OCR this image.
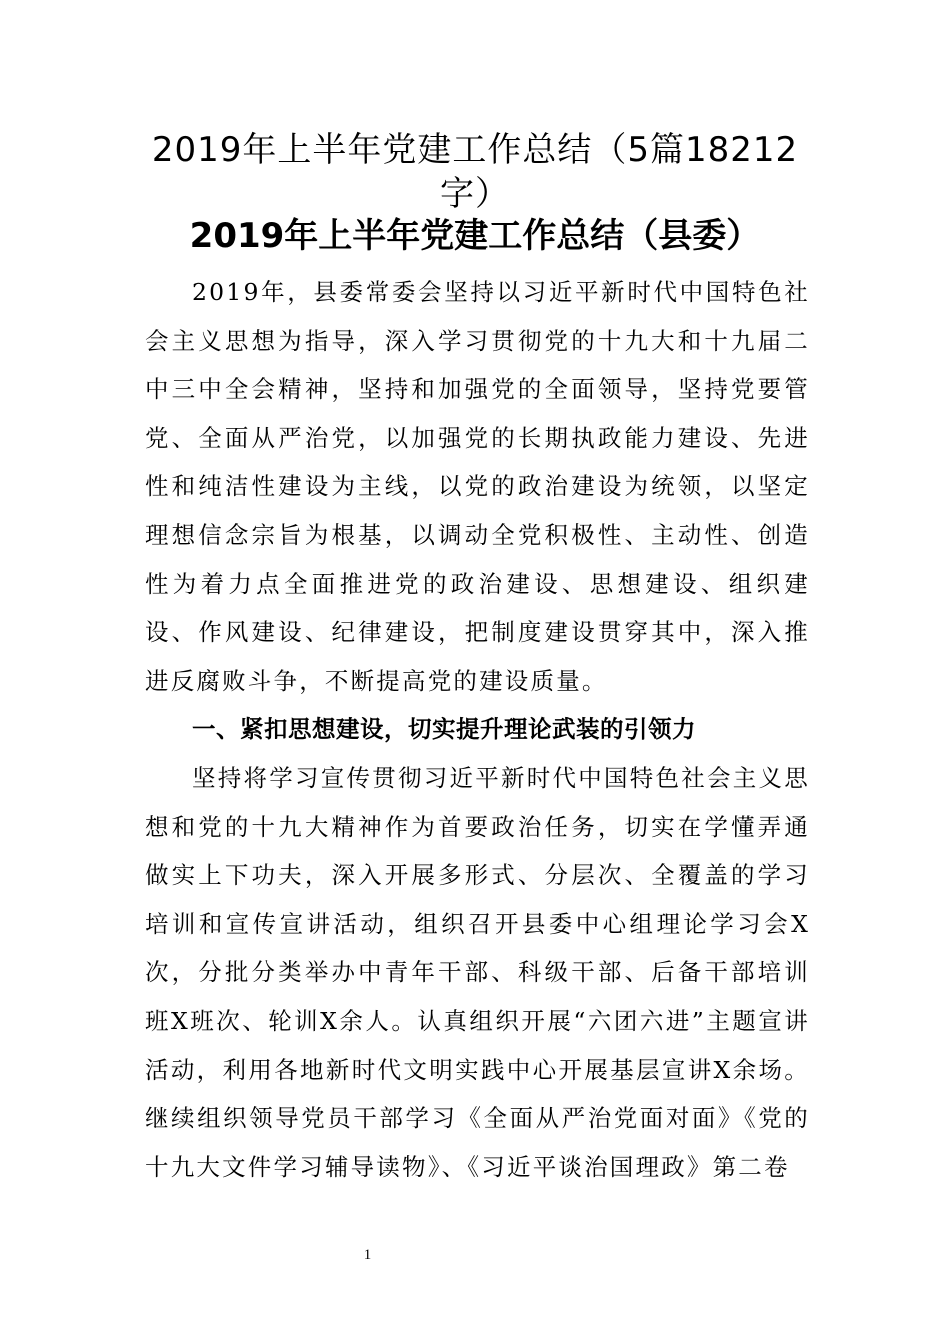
2019年上半年党建工作总结（5篇18212字）
2019年上半年党建工作总结（县委）

2019年，县委常委会坚持以习近平新时代中国特色社会主义思想为指导，深入学习贯彻党的十九大和十九届二中三中全会精神，坚持和加强党的全面领导，坚持党要管党、全面从严治党，以加强党的长期执政能力建设、先进性和纯洁性建设为主线，以党的政治建设为统领，以坚定理想信念宗旨为根基，以调动全党积极性、主动性、创造性为着力点全面推进党的政治建设、思想建设、组织建设、作风建设、纪律建设，把制度建设贯穿其中，深入推进反腐败斗争，不断提高党的建设质量。

一、紧扣思想建设，切实提升理论武装的引领力

坚持将学习宣传贯彻习近平新时代中国特色社会主义思想和党的十九大精神作为首要政治任务，切实在学懂弄通做实上下功夫，深入开展多形式、分层次、全覆盖的学习培训和宣传宣讲活动，组织召开县委中心组理论学习会X次，分批分类举办中青年干部、科级干部、后备干部培训班X班次、轮训X余人。认真组织开展“六团六进”主题宣讲活动，利用各地新时代文明实践中心开展基层宣讲X余场。继续组织领导党员干部学习《全面从严治党面对面》《党的十九大文件学习辅导读物》、《习近平谈治国理政》第二卷

1
